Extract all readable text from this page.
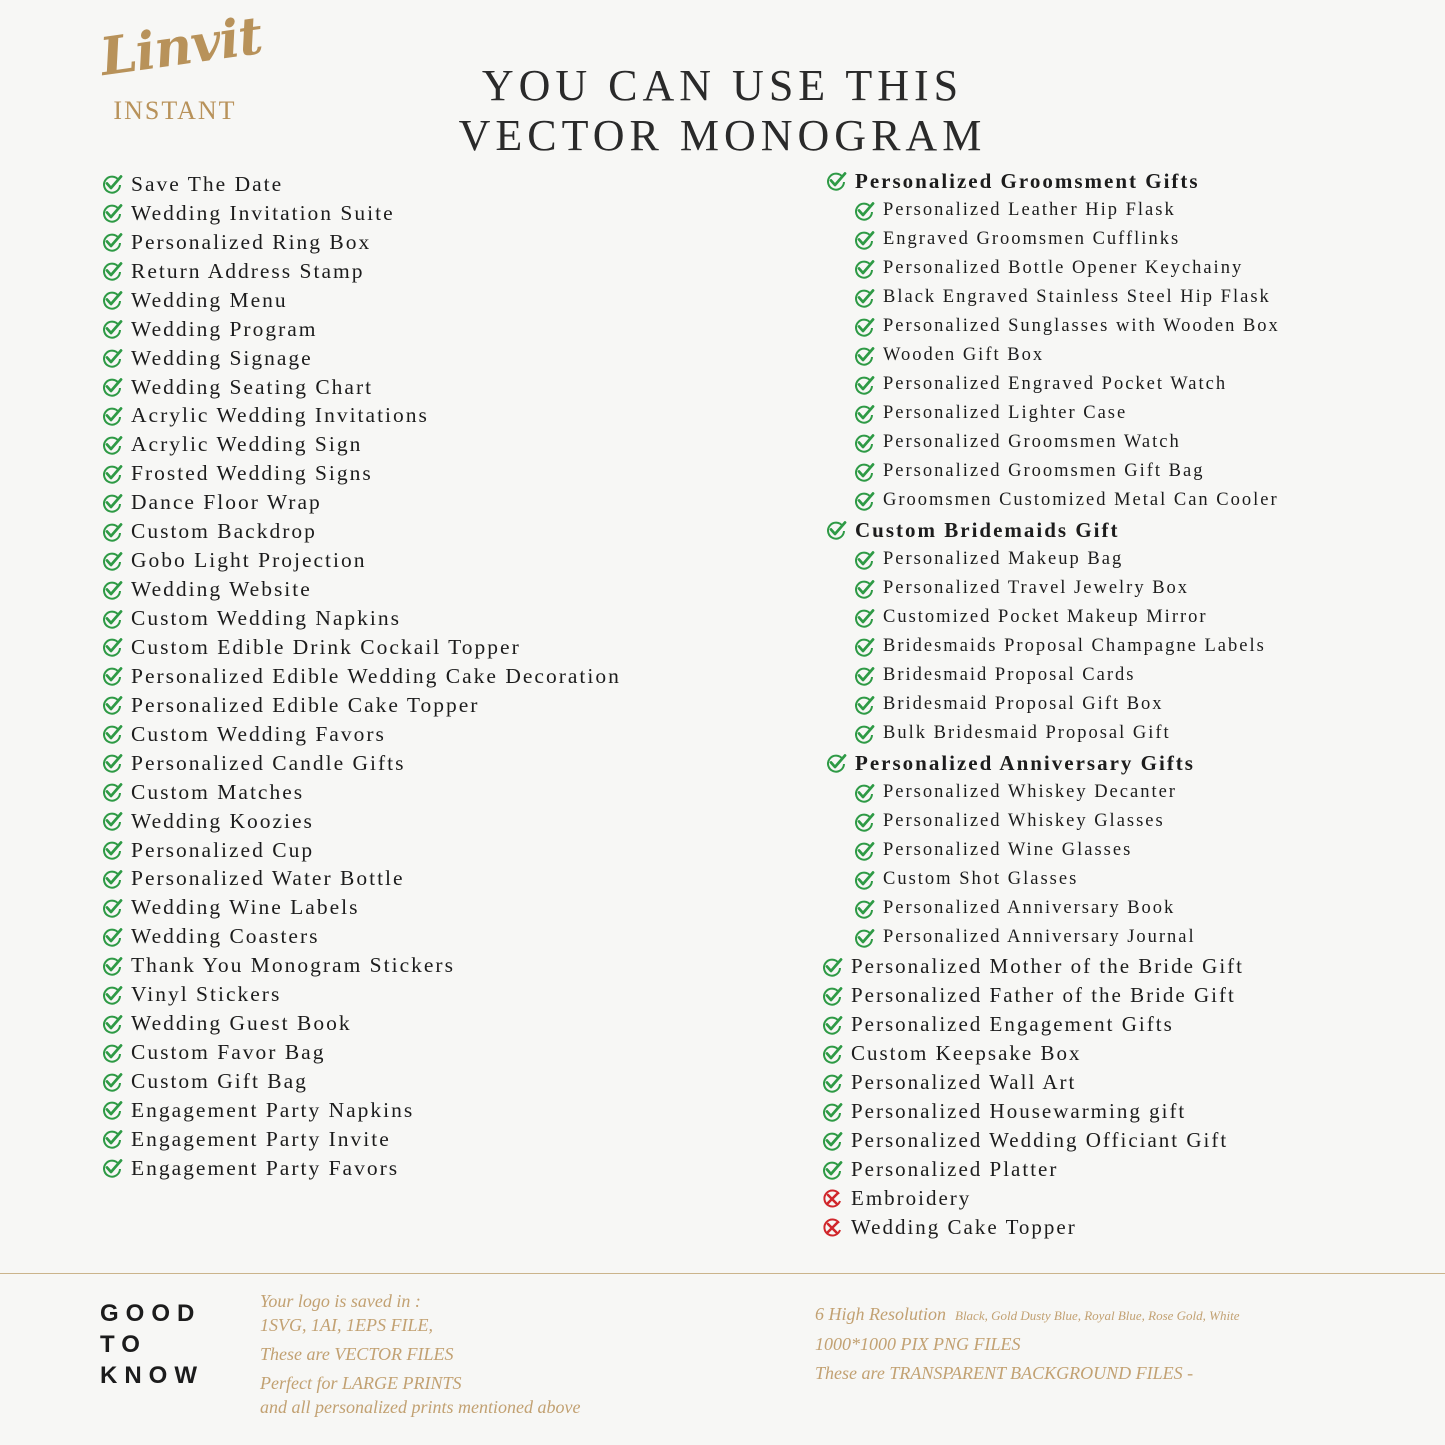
Linvit
INSTANT
YOU CAN USE THIS
VECTOR MONOGRAM
Save The Date
Wedding Invitation Suite
Personalized Ring Box
Return Address Stamp
Wedding Menu
Wedding Program
Wedding Signage
Wedding Seating Chart
Acrylic Wedding Invitations
Acrylic Wedding Sign
Frosted Wedding Signs
Dance Floor Wrap
Custom Backdrop
Gobo Light Projection
Wedding Website
Custom Wedding Napkins
Custom Edible Drink Cockail Topper
Personalized Edible Wedding Cake Decoration
Personalized Edible Cake Topper
Custom Wedding Favors
Personalized Candle Gifts
Custom Matches
Wedding Koozies
Personalized Cup
Personalized Water Bottle
Wedding Wine Labels
Wedding Coasters
Thank You Monogram Stickers
Vinyl Stickers
Wedding Guest Book
Custom Favor Bag
Custom Gift Bag
Engagement Party Napkins
Engagement Party Invite
Engagement Party Favors
Personalized Groomsment Gifts
Personalized Leather Hip Flask
Engraved Groomsmen Cufflinks
Personalized Bottle Opener Keychainy
Black Engraved Stainless Steel Hip Flask
Personalized Sunglasses with Wooden Box
Wooden Gift Box
Personalized Engraved Pocket Watch
Personalized Lighter Case
Personalized Groomsmen Watch
Personalized Groomsmen Gift Bag
Groomsmen Customized Metal Can Cooler
Custom Bridemaids Gift
Personalized Makeup Bag
Personalized Travel Jewelry Box
Customized Pocket Makeup Mirror
Bridesmaids Proposal Champagne Labels
Bridesmaid Proposal Cards
Bridesmaid Proposal Gift Box
Bulk Bridesmaid Proposal Gift
Personalized Anniversary Gifts
Personalized Whiskey Decanter
Personalized Whiskey Glasses
Personalized Wine Glasses
Custom Shot Glasses
Personalized Anniversary Book
Personalized Anniversary Journal
Personalized Mother of the Bride Gift
Personalized Father of the Bride Gift
Personalized Engagement Gifts
Custom Keepsake Box
Personalized Wall Art
Personalized Housewarming gift
Personalized Wedding Officiant Gift
Personalized Platter
Embroidery
Wedding Cake Topper
GOOD
TO
KNOW
Your logo is saved in :
1SVG, 1AI, 1EPS FILE,
These are VECTOR FILES
Perfect for LARGE PRINTS
and all personalized prints mentioned above
6 High Resolution Black, Gold Dusty Blue, Royal Blue, Rose Gold, White
1000*1000 PIX PNG FILES
These are TRANSPARENT BACKGROUND FILES -
